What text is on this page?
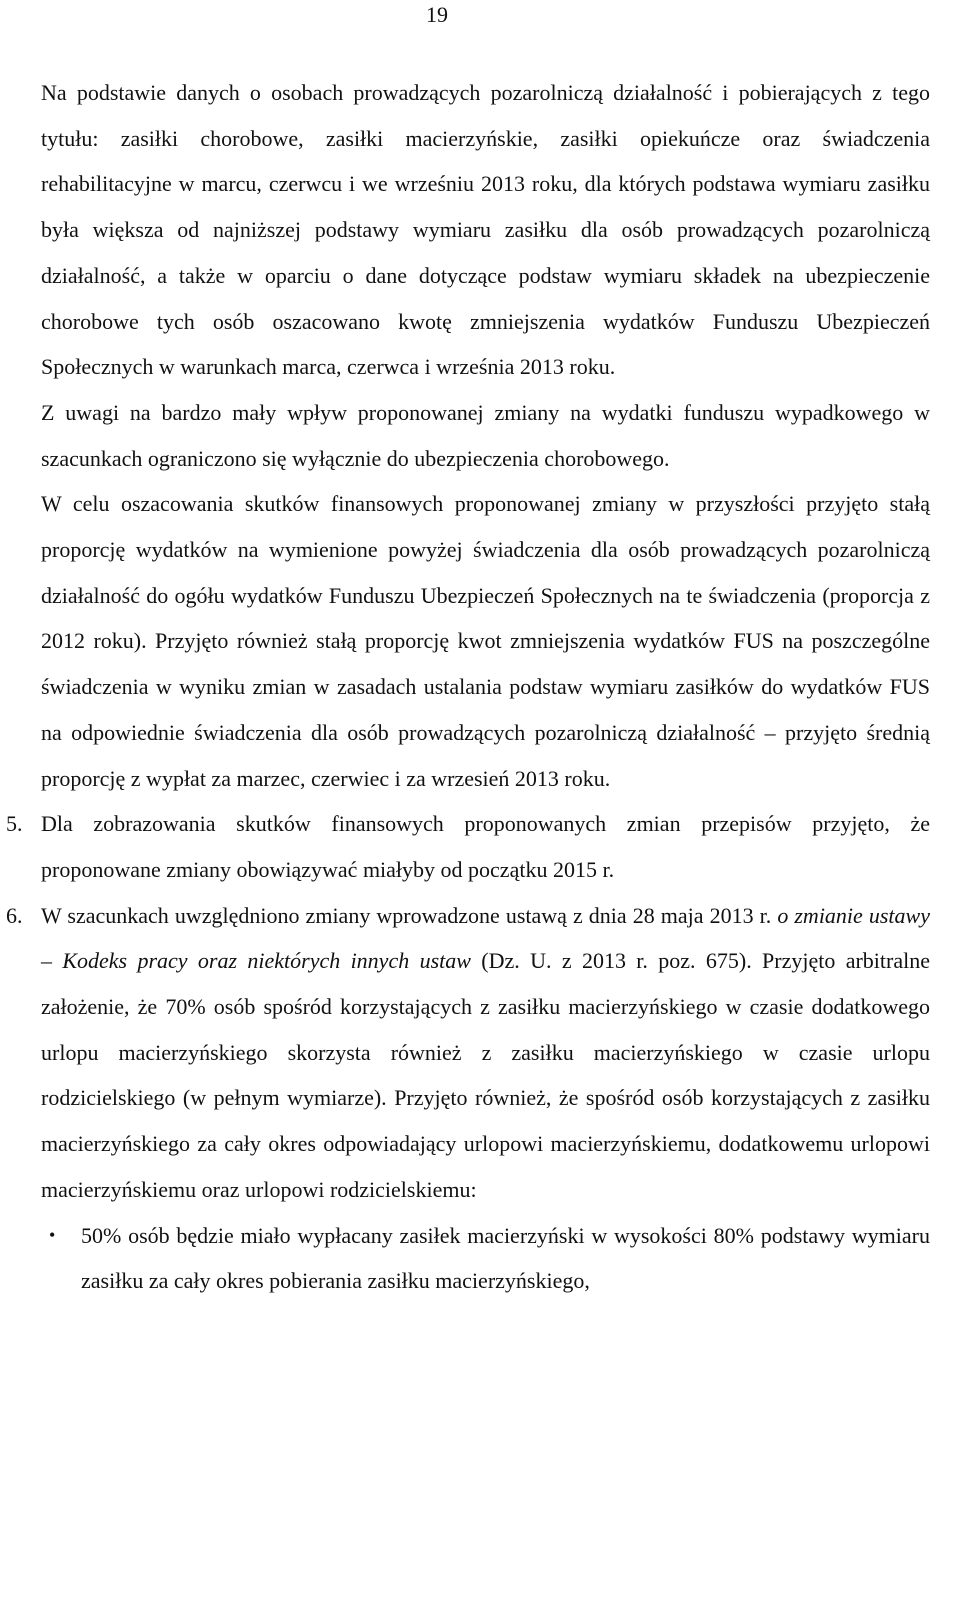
19

Na podstawie danych o osobach prowadzących pozarolniczą działalność i pobierających z tego tytułu: zasiłki chorobowe, zasiłki macierzyńskie, zasiłki opiekuńcze oraz świadczenia rehabilitacyjne w marcu, czerwcu i we wrześniu 2013 roku, dla których podstawa wymiaru zasiłku była większa od najniższej podstawy wymiaru zasiłku dla osób prowadzących pozarolniczą działalność, a także w oparciu o dane dotyczące podstaw wymiaru składek na ubezpieczenie chorobowe tych osób oszacowano kwotę zmniejszenia wydatków Funduszu Ubezpieczeń Społecznych w warunkach marca, czerwca i września 2013 roku.

Z uwagi na bardzo mały wpływ proponowanej zmiany na wydatki funduszu wypadkowego w szacunkach ograniczono się wyłącznie do ubezpieczenia chorobowego.

W celu oszacowania skutków finansowych proponowanej zmiany w przyszłości przyjęto stałą proporcję wydatków na wymienione powyżej świadczenia dla osób prowadzących pozarolniczą działalność do ogółu wydatków Funduszu Ubezpieczeń Społecznych na te świadczenia (proporcja z 2012 roku). Przyjęto również stałą proporcję kwot zmniejszenia wydatków FUS na poszczególne świadczenia w wyniku zmian w zasadach ustalania podstaw wymiaru zasiłków do wydatków FUS na odpowiednie świadczenia dla osób prowadzących pozarolniczą działalność – przyjęto średnią proporcję z wypłat za marzec, czerwiec i za wrzesień 2013 roku.

5. Dla zobrazowania skutków finansowych proponowanych zmian przepisów przyjęto, że proponowane zmiany obowiązywać miałyby od początku 2015 r.

6. W szacunkach uwzględniono zmiany wprowadzone ustawą z dnia 28 maja 2013 r. o zmianie ustawy – Kodeks pracy oraz niektórych innych ustaw (Dz. U. z 2013 r. poz. 675). Przyjęto arbitralne założenie, że 70% osób spośród korzystających z zasiłku macierzyńskiego w czasie dodatkowego urlopu macierzyńskiego skorzysta również z zasiłku macierzyńskiego w czasie urlopu rodzicielskiego (w pełnym wymiarze). Przyjęto również, że spośród osób korzystających z zasiłku macierzyńskiego za cały okres odpowiadający urlopowi macierzyńskiemu, dodatkowemu urlopowi macierzyńskiemu oraz urlopowi rodzicielskiemu:

•	50% osób będzie miało wypłacany zasiłek macierzyński w wysokości 80% podstawy wymiaru zasiłku za cały okres pobierania zasiłku macierzyńskiego,
